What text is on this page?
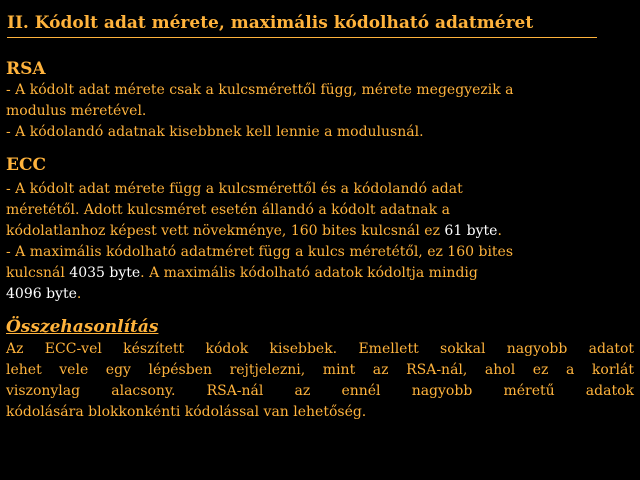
II. Kódolt adat mérete, maximális kódolható adatméret
RSA
- A kódolt adat mérete csak a kulcsmérettől függ, mérete megegyezik a
modulus méretével.
- A kódolandó adatnak kisebbnek kell lennie a modulusnál.
ECC
- A kódolt adat mérete függ a kulcsmérettől és a kódolandó adat
méretétől. Adott kulcsméret esetén állandó a kódolt adatnak a
kódolatlanhoz képest vett növekménye, 160 bites kulcsnál ez 61 byte.
- A maximális kódolható adatméret függ a kulcs méretétől, ez 160 bites
kulcsnál 4035 byte. A maximális kódolható adatok kódoltja mindig
4096 byte.
Összehasonlítás
Az ECC-vel készített kódok kisebbek. Emellett sokkal nagyobb adatot
lehet vele egy lépésben rejtjelezni, mint az RSA-nál, ahol ez a korlát
viszonylag alacsony. RSA-nál az ennél nagyobb méretű adatok
kódolására blokkonkénti kódolással van lehetőség.
